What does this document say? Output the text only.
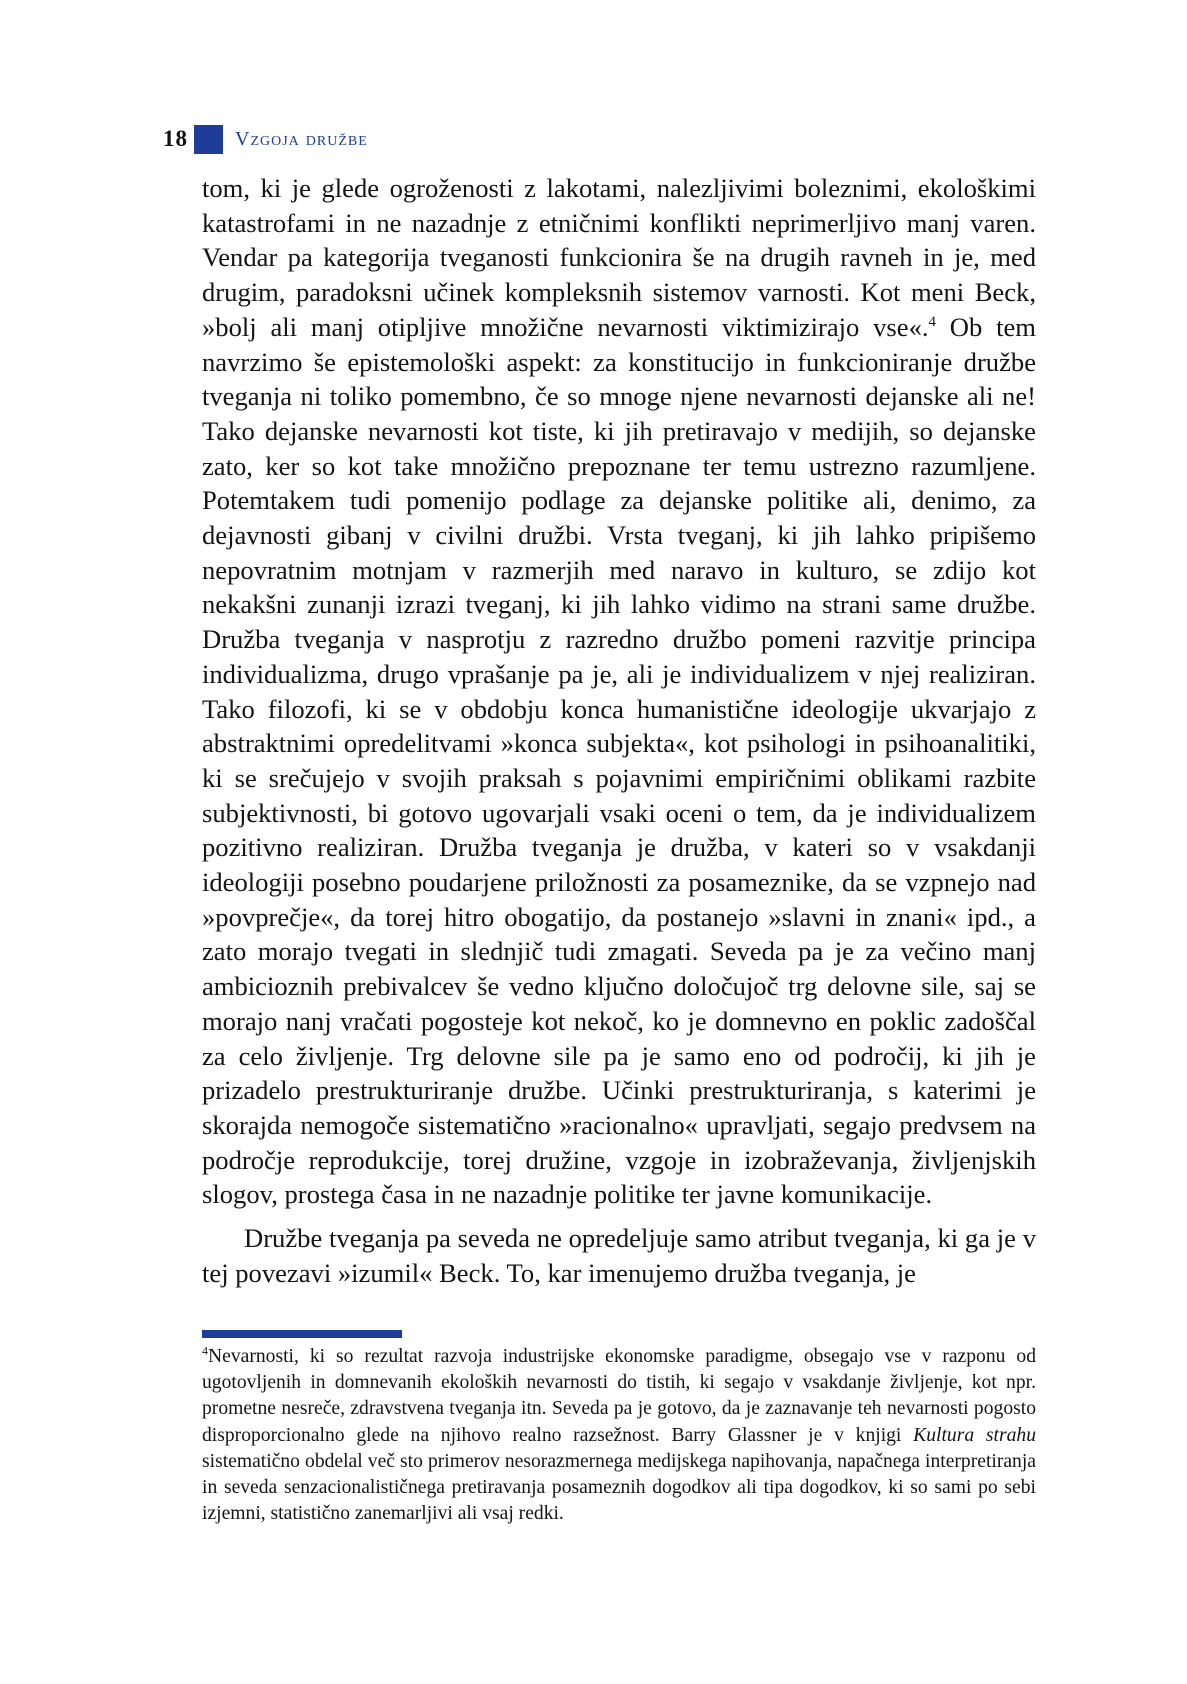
18 Vzgoja družbe

tom, ki je glede ogroženosti z lakotami, nalezljivimi boleznimi, ekološkimi katastrofami in ne nazadnje z etničnimi konflikti neprimerljivo manj varen. Vendar pa kategorija tveganosti funkcionira še na drugih ravneh in je, med drugim, paradoksni učinek kompleksnih sistemov varnosti. Kot meni Beck, »bolj ali manj otipljive množične nevarnosti viktimizirajo vse«.$^4$ Ob tem navrzimo še epistemološki aspekt: za konstitucijo in funkcioniranje družbe tveganja ni toliko pomembno, če so mnoge njene nevarnosti dejanske ali ne! Tako dejanske nevarnosti kot tiste, ki jih pretiravajo v medijih, so dejanske zato, ker so kot take množično prepoznane ter temu ustrezno razumljene. Potemtakem tudi pomenijo podlage za dejanske politike ali, denimo, za dejavnosti gibanj v civilni družbi. Vrsta tveganj, ki jih lahko pripišemo nepovratnim motnjam v razmerjih med naravo in kulturo, se zdijo kot nekakšni zunanji izrazi tveganj, ki jih lahko vidimo na strani same družbe. Družba tveganja v nasprotju z razredno družbo pomeni razvitje principa individualizma, drugo vprašanje pa je, ali je individualizem v njej realiziran. Tako filozofi, ki se v obdobju konca humanistične ideologije ukvarjajo z abstraktnimi opredelitvami »konca subjekta«, kot psihologi in psihoanalitiki, ki se srečujejo v svojih praksah s pojavnimi empiričnimi oblikami razbite subjektivnosti, bi gotovo ugovarjali vsaki oceni o tem, da je individualizem pozitivno realiziran. Družba tveganja je družba, v kateri so v vsakdanji ideologiji posebno poudarjene priložnosti za posameznike, da se vzpnejo nad »povprečje«, da torej hitro obogatijo, da postanejo »slavni in znani« ipd., a zato morajo tvegati in slednjič tudi zmagati. Seveda pa je za večino manj ambicioznih prebivalcev še vedno ključno določujoč trg delovne sile, saj se morajo nanj vračati pogosteje kot nekoč, ko je domnevno en poklic zadoščal za celo življenje. Trg delovne sile pa je samo eno od področij, ki jih je prizadelo prestrukturiranje družbe. Učinki prestrukturiranja, s katerimi je skorajda nemogoče sistematično »racionalno« upravljati, segajo predvsem na področje reprodukcije, torej družine, vzgoje in izobraževanja, življenjskih slogov, prostega časa in ne nazadnje politike ter javne komunikacije.

Družbe tveganja pa seveda ne opredeljuje samo atribut tveganja, ki ga je v tej povezavi »izumil« Beck. To, kar imenujemo družba tveganja, je

$^4$Nevarnosti, ki so rezultat razvoja industrijske ekonomske paradigme, obsegajo vse v razponu od ugotovljenih in domnevanih ekoloških nevarnosti do tistih, ki segajo v vsakdanje življenje, kot npr. prometne nesreče, zdravstvena tveganja itn. Seveda pa je gotovo, da je zaznavanje teh nevarnosti pogosto disproporcionalno glede na njihovo realno razsežnost. Barry Glassner je v knjigi Kultura strahu sistematično obdelal več sto primerov nesorazmernega medijskega napihovanja, napačnega interpretiranja in seveda senzacionalističnega pretiravanja posameznih dogodkov ali tipa dogodkov, ki so sami po sebi izjemni, statistično zanemarljivi ali vsaj redki.
